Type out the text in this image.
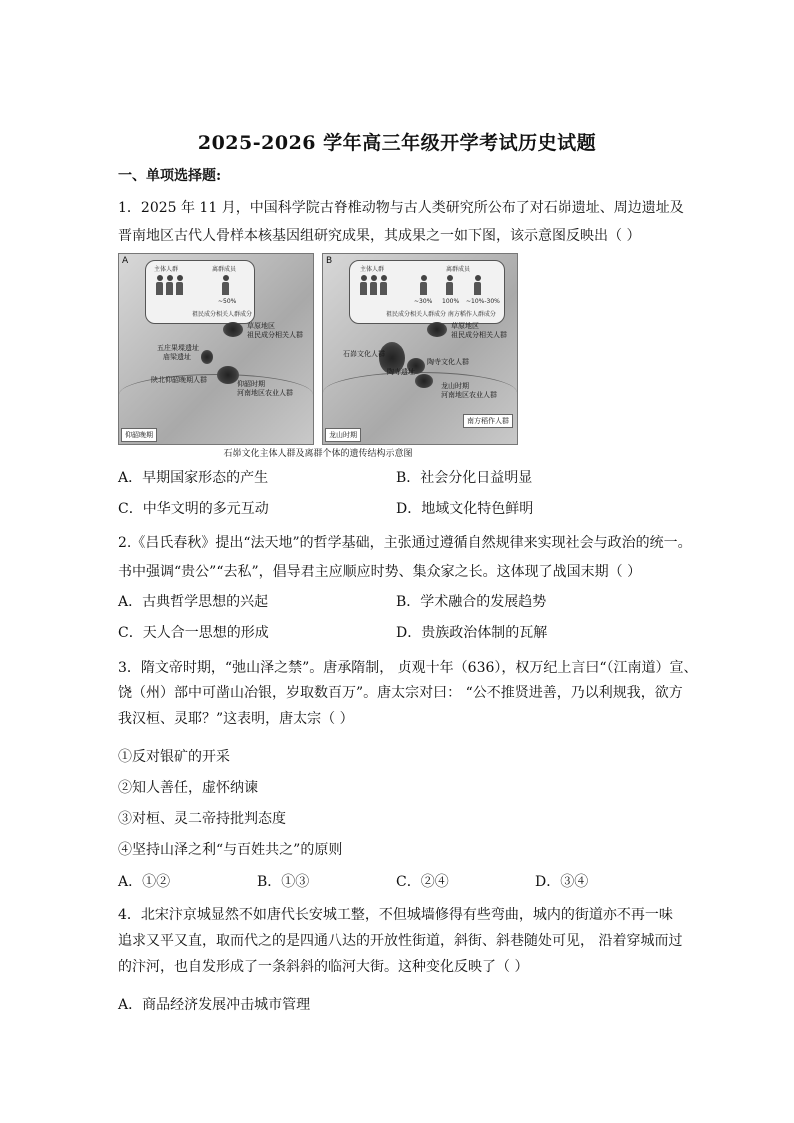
2025-2026 学年高三年级开学考试历史试题
一、单项选择题:
1．2025 年 11 月，中国科学院古脊椎动物与古人类研究所公布了对石峁遗址、周边遗址及
晋南地区古代人骨样本核基因组研究成果，其成果之一如下图，该示意图反映出（ ）
A
主体人群	离群成员
~50%
祖民成分相关人群成分
草原地区
祖民成分相关人群
五庄果墚遗址
庙梁遗址
陕北仰韶晚期人群	仰韶时期
河南地区农业人群
仰韶晚期
B
主体人群	离群成员
~30% 100% ~10%-30%
祖民成分相关人群成分 南方稻作人群成分
草原地区
祖民成分相关人群
石峁文化人群
陶寺文化人群
陶寺遗址
龙山时期
河南地区农业人群
南方稻作人群
龙山时期
石峁文化主体人群及离群个体的遗传结构示意图
A．早期国家形态的产生	B．社会分化日益明显
C．中华文明的多元互动	D．地域文化特色鲜明
2.《吕氏春秋》提出“法天地”的哲学基础，主张通过遵循自然规律来实现社会与政治的统一。
书中强调“贵公”“去私”，倡导君主应顺应时势、集众家之长。这体现了战国末期（ ）
A．古典哲学思想的兴起	B．学术融合的发展趋势
C．天人合一思想的形成	D．贵族政治体制的瓦解
3．隋文帝时期，“弛山泽之禁”。唐承隋制， 贞观十年（636），权万纪上言曰“（江南道）宣、
饶（州）部中可凿山冶银，岁取数百万”。唐太宗对曰： “公不推贤进善，乃以利规我，欲方
我汉桓、灵耶？”这表明，唐太宗（ ）
①反对银矿的开采
②知人善任，虚怀纳谏
③对桓、灵二帝持批判态度
④坚持山泽之利“与百姓共之”的原则
A．①②	B．①③	C．②④	D．③④
4．北宋汴京城显然不如唐代长安城工整，不但城墙修得有些弯曲，城内的街道亦不再一味
追求又平又直，取而代之的是四通八达的开放性街道，斜街、斜巷随处可见， 沿着穿城而过
的汴河，也自发形成了一条斜斜的临河大街。这种变化反映了（ ）
A．商品经济发展冲击城市管理
